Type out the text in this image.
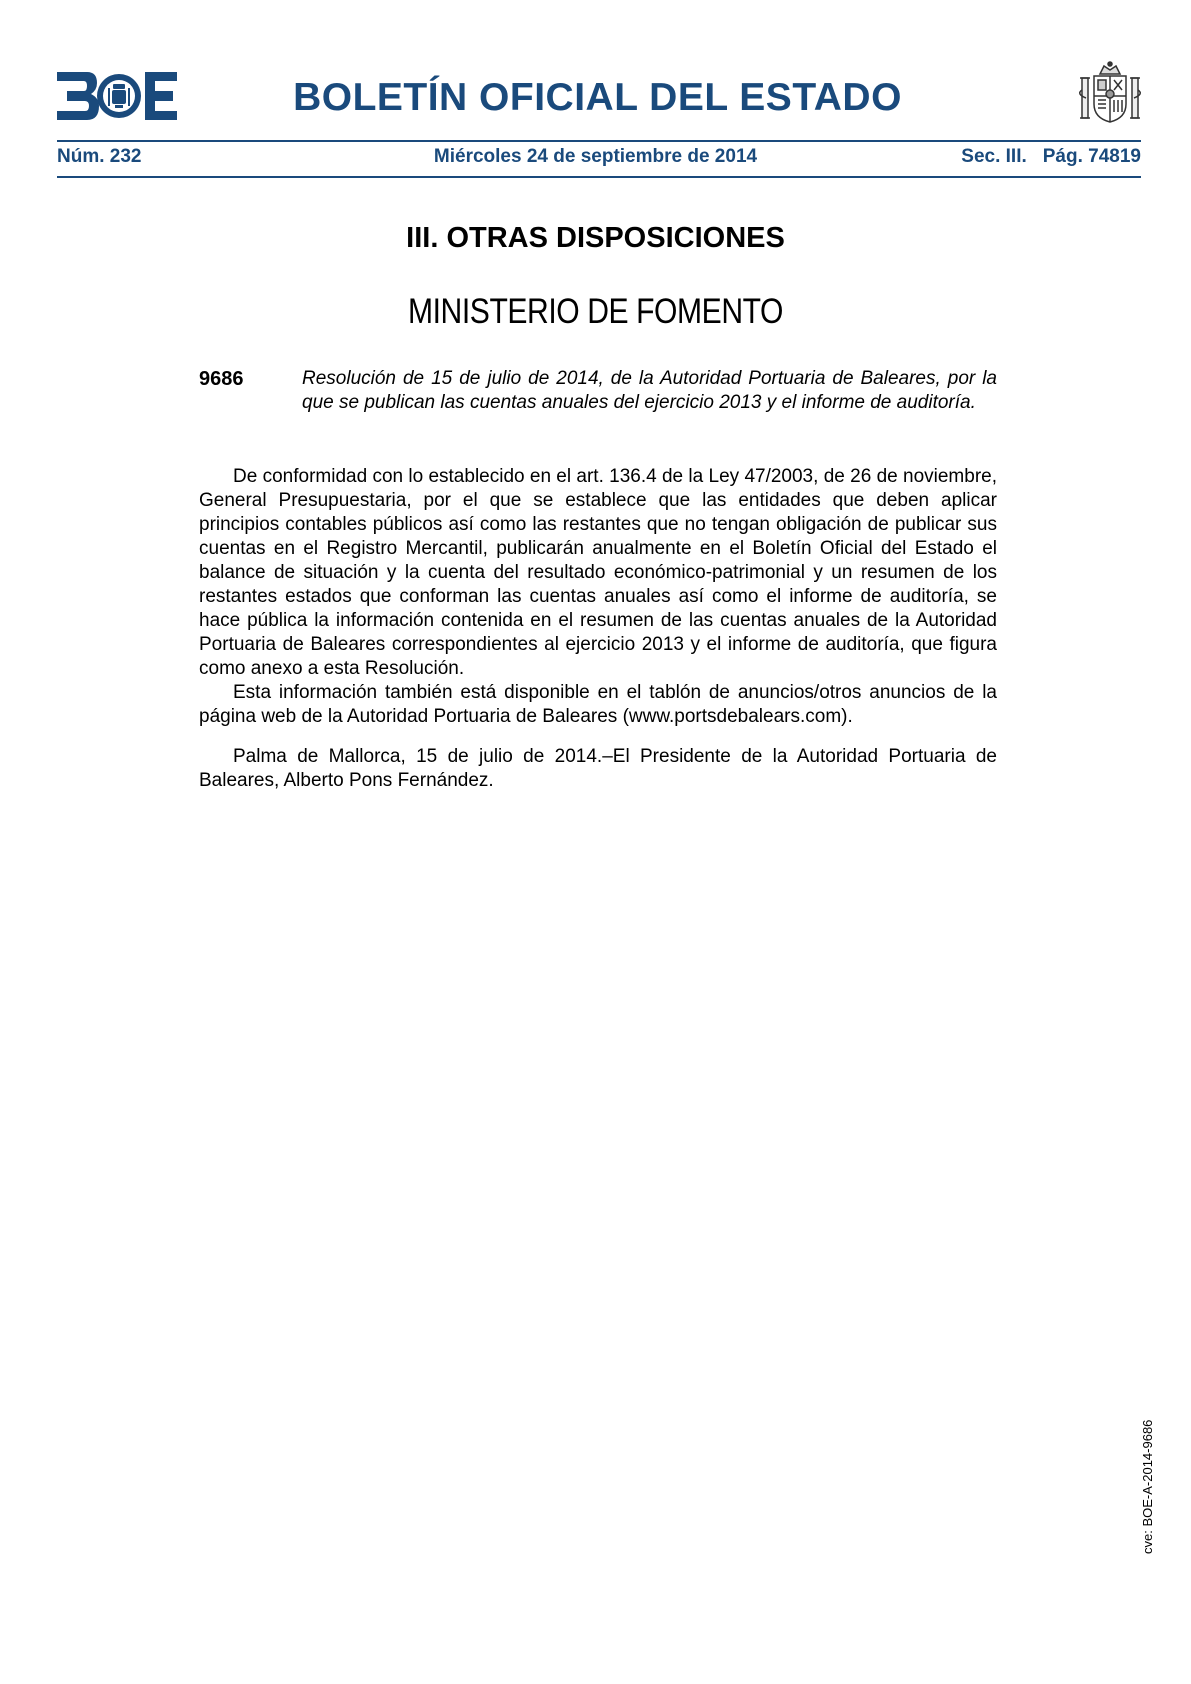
BOLETÍN OFICIAL DEL ESTADO
Núm. 232	Miércoles 24 de septiembre de 2014	Sec. III. Pág. 74819
III. OTRAS DISPOSICIONES
MINISTERIO DE FOMENTO
9686	Resolución de 15 de julio de 2014, de la Autoridad Portuaria de Baleares, por la que se publican las cuentas anuales del ejercicio 2013 y el informe de auditoría.

De conformidad con lo establecido en el art. 136.4 de la Ley 47/2003, de 26 de noviembre, General Presupuestaria, por el que se establece que las entidades que deben aplicar principios contables públicos así como las restantes que no tengan obligación de publicar sus cuentas en el Registro Mercantil, publicarán anualmente en el Boletín Oficial del Estado el balance de situación y la cuenta del resultado económico-patrimonial y un resumen de los restantes estados que conforman las cuentas anuales así como el informe de auditoría, se hace pública la información contenida en el resumen de las cuentas anuales de la Autoridad Portuaria de Baleares correspondientes al ejercicio 2013 y el informe de auditoría, que figura como anexo a esta Resolución.

Esta información también está disponible en el tablón de anuncios/otros anuncios de la página web de la Autoridad Portuaria de Baleares (www.portsdebalears.com).

Palma de Mallorca, 15 de julio de 2014.–El Presidente de la Autoridad Portuaria de Baleares, Alberto Pons Fernández.

cve: BOE-A-2014-9686
